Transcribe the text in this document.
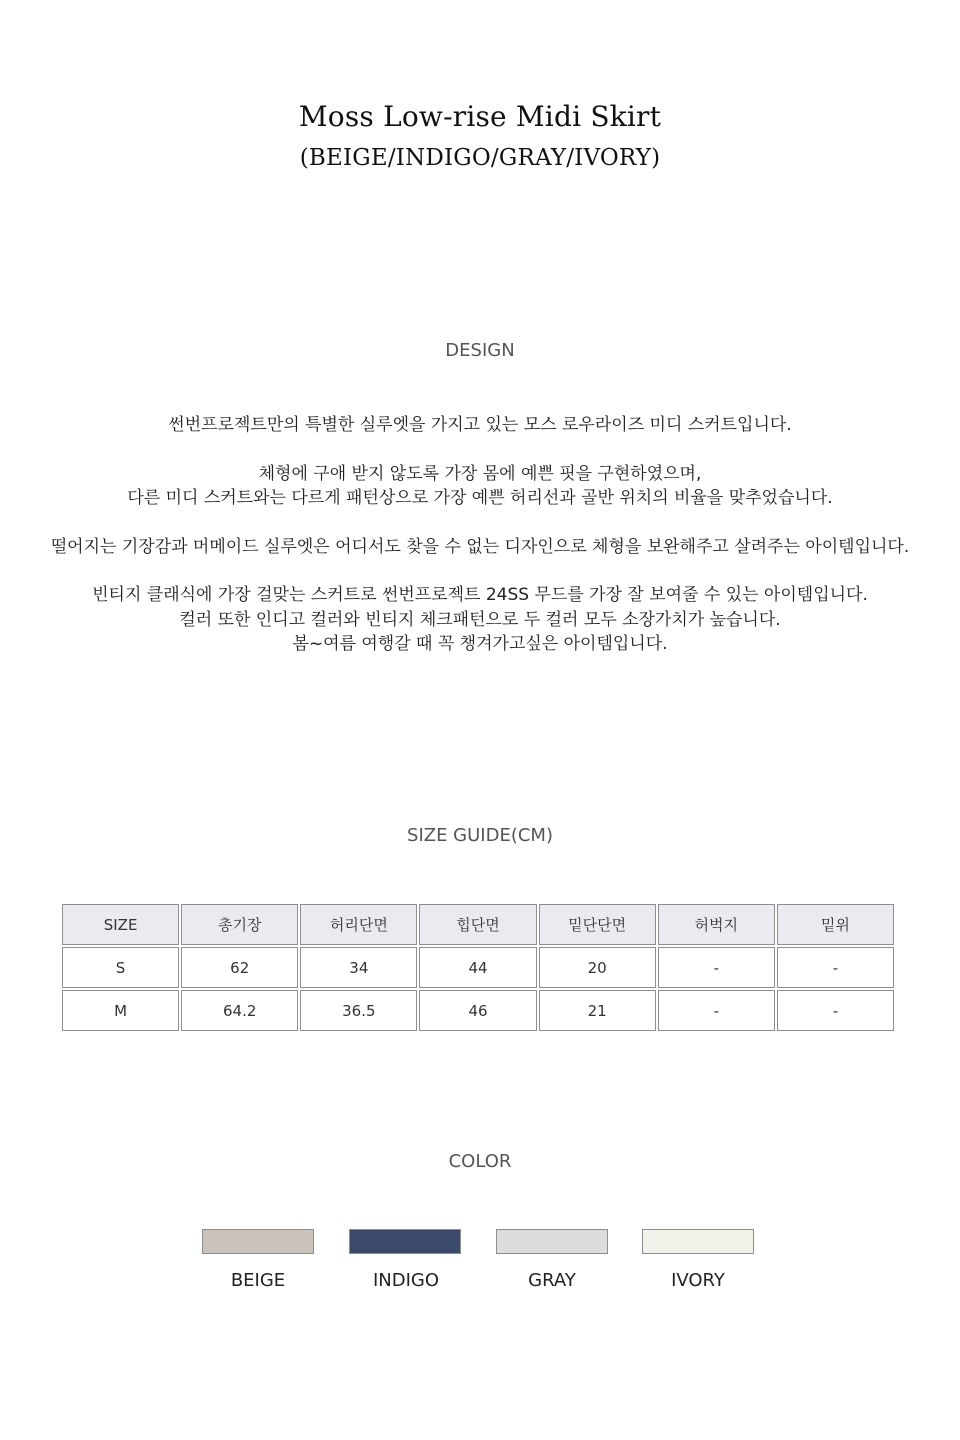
Moss Low-rise Midi Skirt
(BEIGE/INDIGO/GRAY/IVORY)
DESIGN

썬번프로젝트만의 특별한 실루엣을 가지고 있는 모스 로우라이즈 미디 스커트입니다.

체형에 구애 받지 않도록 가장 몸에 예쁜 핏을 구현하였으며,
다른 미디 스커트와는 다르게 패턴상으로 가장 예쁜 허리선과 골반 위치의 비율을 맞추었습니다.

떨어지는 기장감과 머메이드 실루엣은 어디서도 찾을 수 없는 디자인으로 체형을 보완해주고 살려주는 아이템입니다.

빈티지 클래식에 가장 걸맞는 스커트로 썬번프로젝트 24SS 무드를 가장 잘 보여줄 수 있는 아이템입니다.
컬러 또한 인디고 컬러와 빈티지 체크패턴으로 두 컬러 모두 소장가치가 높습니다.
봄~여름 여행갈 때 꼭 챙겨가고싶은 아이템입니다.

SIZE GUIDE(CM)
SIZE	총기장	허리단면	힙단면	밑단단면	허벅지	밑위
S	62	34	44	20	-	-
M	64.2	36.5	46	21	-	-
COLOR
BEIGE	INDIGO	GRAY	IVORY
